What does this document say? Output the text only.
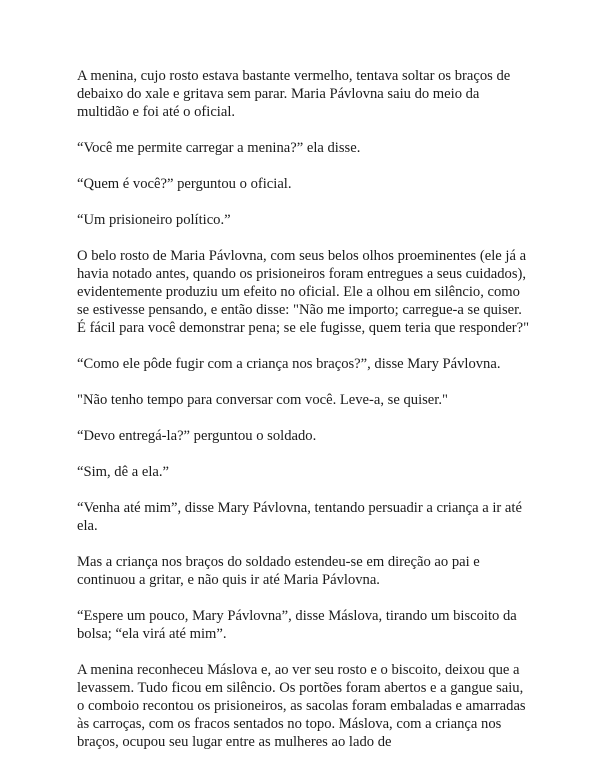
A menina, cujo rosto estava bastante vermelho, tentava soltar os braços de debaixo do xale e gritava sem parar. Maria Pávlovna saiu do meio da multidão e foi até o oficial.

“Você me permite carregar a menina?” ela disse.

“Quem é você?” perguntou o oficial.

“Um prisioneiro político.”

O belo rosto de Maria Pávlovna, com seus belos olhos proeminentes (ele já a havia notado antes, quando os prisioneiros foram entregues a seus cuidados), evidentemente produziu um efeito no oficial. Ele a olhou em silêncio, como se estivesse pensando, e então disse: "Não me importo; carregue-a se quiser. É fácil para você demonstrar pena; se ele fugisse, quem teria que responder?"

“Como ele pôde fugir com a criança nos braços?”, disse Mary Pávlovna.

"Não tenho tempo para conversar com você. Leve-a, se quiser."

“Devo entregá-la?” perguntou o soldado.

“Sim, dê a ela.”

“Venha até mim”, disse Mary Pávlovna, tentando persuadir a criança a ir até ela.

Mas a criança nos braços do soldado estendeu-se em direção ao pai e continuou a gritar, e não quis ir até Maria Pávlovna.

“Espere um pouco, Mary Pávlovna”, disse Máslova, tirando um biscoito da bolsa; “ela virá até mim”.

A menina reconheceu Máslova e, ao ver seu rosto e o biscoito, deixou que a levassem. Tudo ficou em silêncio. Os portões foram abertos e a gangue saiu, o comboio recontou os prisioneiros, as sacolas foram embaladas e amarradas às carroças, com os fracos sentados no topo. Máslova, com a criança nos braços, ocupou seu lugar entre as mulheres ao lado de
